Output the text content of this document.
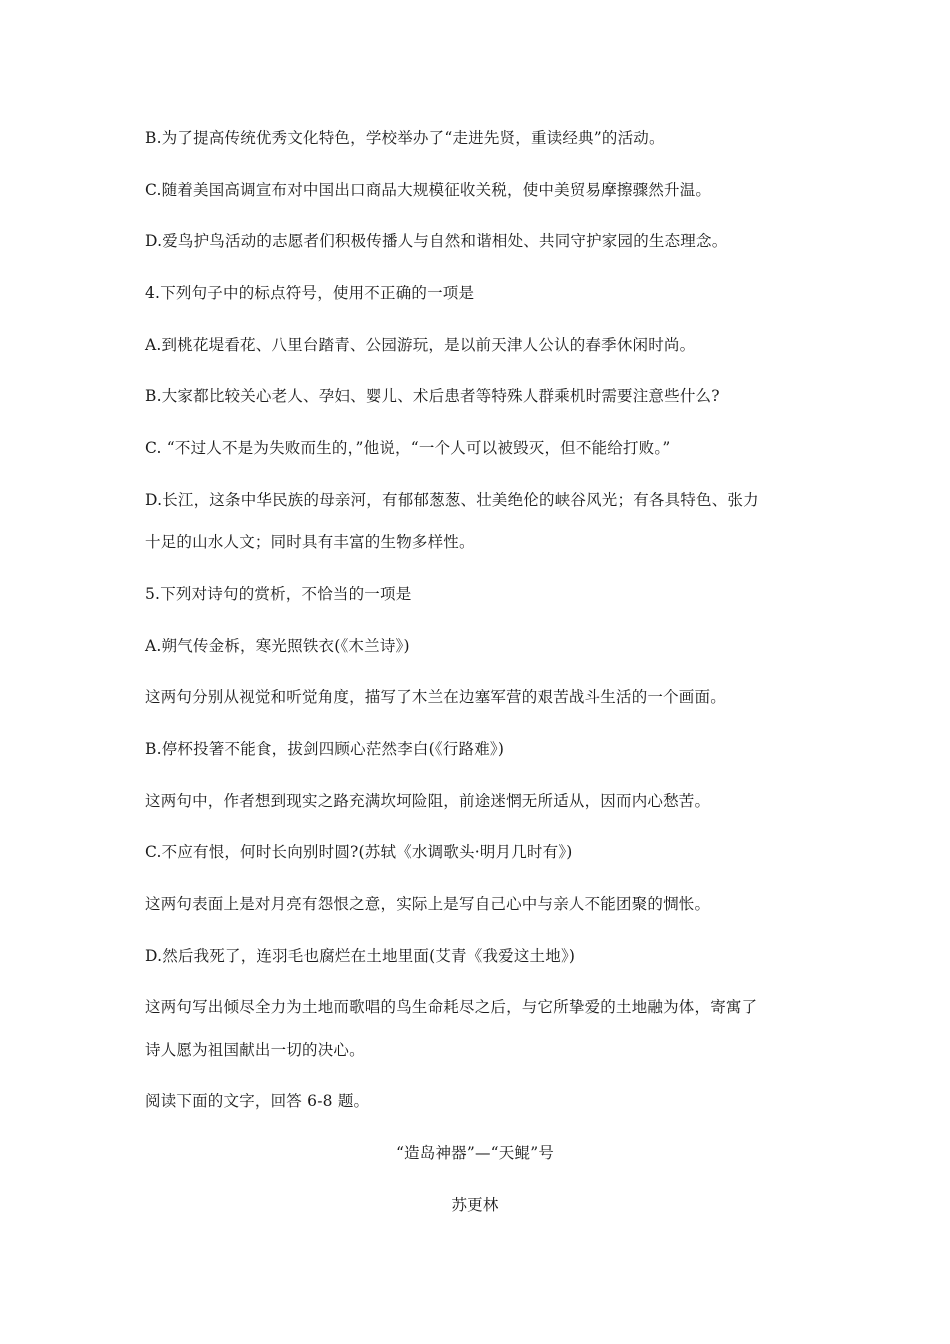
B.为了提高传统优秀文化特色，学校举办了“走进先贤，重读经典”的活动。
C.随着美国高调宣布对中国出口商品大规模征收关税，使中美贸易摩擦骤然升温。
D.爱鸟护鸟活动的志愿者们积极传播人与自然和谐相处、共同守护家园的生态理念。
4.下列句子中的标点符号，使用不正确的一项是
A.到桃花堤看花、八里台踏青、公园游玩，是以前天津人公认的春季休闲时尚。
B.大家都比较关心老人、孕妇、婴儿、术后患者等特殊人群乘机时需要注意些什么?
C. “不过人不是为失败而生的，”他说，“一个人可以被毁灭，但不能给打败。”
D.长江，这条中华民族的母亲河，有郁郁葱葱、壮美绝伦的峡谷风光；有各具特色、张力
十足的山水人文；同时具有丰富的生物多样性。
5.下列对诗句的赏析，不恰当的一项是
A.朔气传金柝，寒光照铁衣(《木兰诗》)
这两句分别从视觉和听觉角度，描写了木兰在边塞军营的艰苦战斗生活的一个画面。
B.停杯投箸不能食，拔剑四顾心茫然李白(《行路难》)
这两句中，作者想到现实之路充满坎坷险阻，前途迷惘无所适从，因而内心愁苦。
C.不应有恨，何时长向别时圆?(苏轼《水调歌头·明月几时有》)
这两句表面上是对月亮有怨恨之意，实际上是写自己心中与亲人不能团聚的惆怅。
D.然后我死了，连羽毛也腐烂在土地里面(艾青《我爱这土地》)
这两句写出倾尽全力为土地而歌唱的鸟生命耗尽之后，与它所挚爱的土地融为体，寄寓了
诗人愿为祖国献出一切的决心。
阅读下面的文字，回答 6-8 题。
“造岛神器”—“天鲲”号
苏更林
